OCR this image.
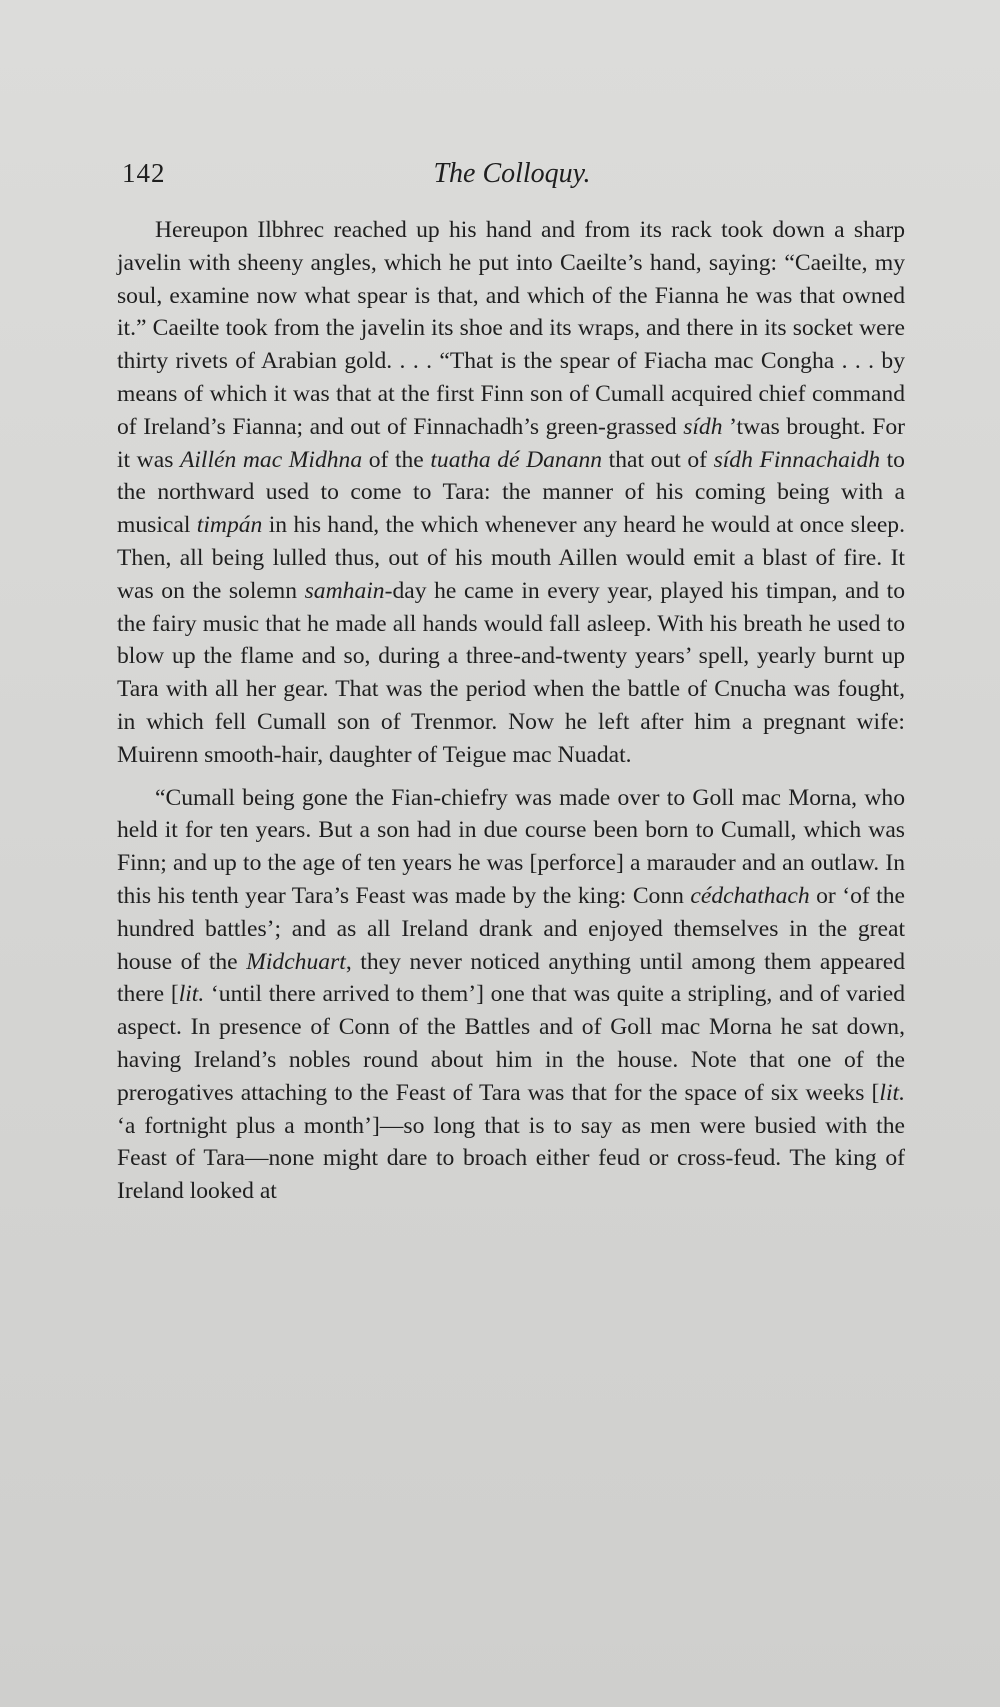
142	The Colloquy.

Hereupon Ilbhrec reached up his hand and from its rack took down a sharp javelin with sheeny angles, which he put into Caeilte’s hand, saying: “Caeilte, my soul, examine now what spear is that, and which of the Fianna he was that owned it.” Caeilte took from the javelin its shoe and its wraps, and there in its socket were thirty rivets of Arabian gold. . . . “That is the spear of Fiacha mac Congha . . . by means of which it was that at the first Finn son of Cumall acquired chief command of Ireland’s Fianna; and out of Finnachadh’s green-grassed sídh ’twas brought. For it was Aillén mac Midhna of the tuatha dé Danann that out of sídh Finnachaidh to the northward used to come to Tara: the manner of his coming being with a musical timpán in his hand, the which whenever any heard he would at once sleep. Then, all being lulled thus, out of his mouth Aillen would emit a blast of fire. It was on the solemn samhain-day he came in every year, played his timpan, and to the fairy music that he made all hands would fall asleep. With his breath he used to blow up the flame and so, during a three-and-twenty years’ spell, yearly burnt up Tara with all her gear. That was the period when the battle of Cnucha was fought, in which fell Cumall son of Trenmor. Now he left after him a pregnant wife: Muirenn smooth-hair, daughter of Teigue mac Nuadat.

“Cumall being gone the Fian-chiefry was made over to Goll mac Morna, who held it for ten years. But a son had in due course been born to Cumall, which was Finn; and up to the age of ten years he was [perforce] a marauder and an outlaw. In this his tenth year Tara’s Feast was made by the king: Conn cédchathach or ‘of the hundred battles’; and as all Ireland drank and enjoyed themselves in the great house of the Midchuart, they never noticed anything until among them appeared there [lit. ‘until there arrived to them’] one that was quite a stripling, and of varied aspect. In presence of Conn of the Battles and of Goll mac Morna he sat down, having Ireland’s nobles round about him in the house. Note that one of the prerogatives attaching to the Feast of Tara was that for the space of six weeks [lit. ‘a fortnight plus a month’]—so long that is to say as men were busied with the Feast of Tara—none might dare to broach either feud or cross-feud. The king of Ireland looked at
